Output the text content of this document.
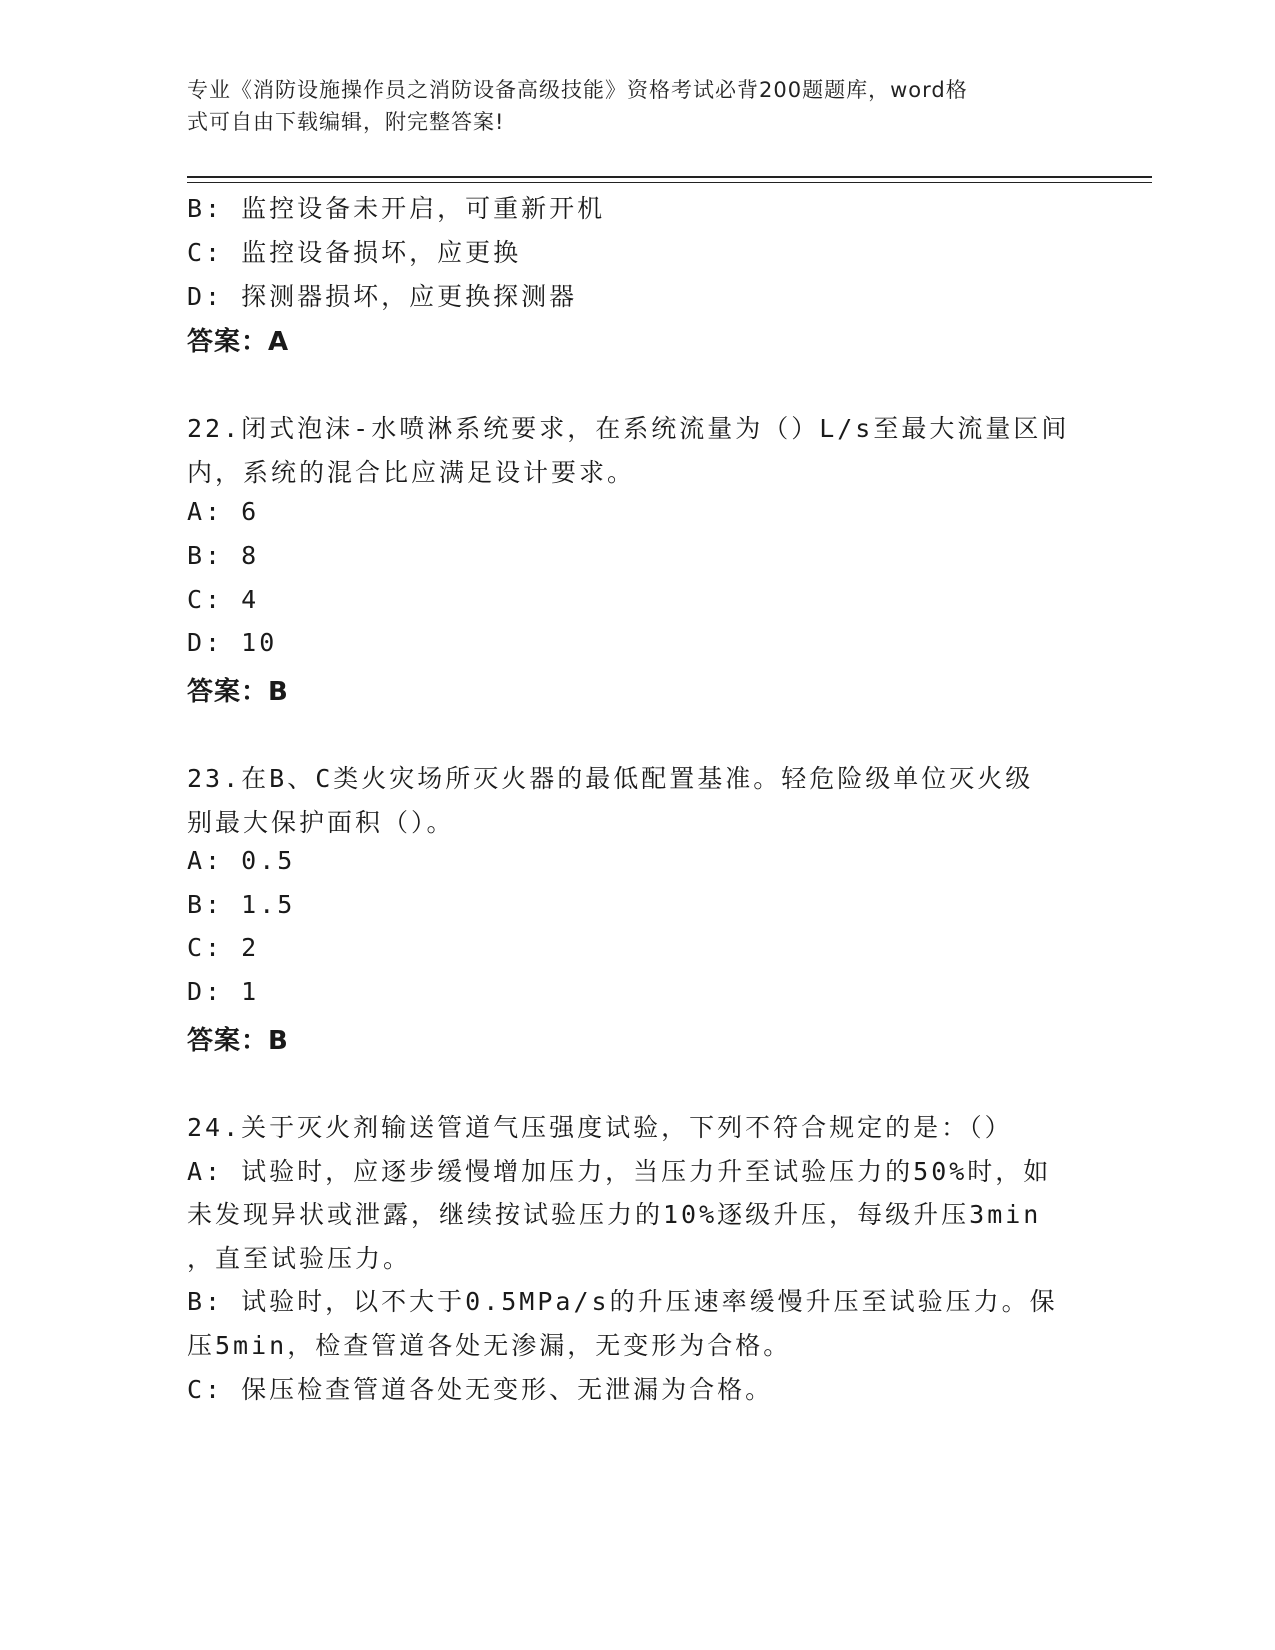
专业《消防设施操作员之消防设备高级技能》资格考试必背200题题库，word格
式可自由下载编辑，附完整答案!
B: 监控设备未开启，可重新开机
C: 监控设备损坏，应更换
D: 探测器损坏，应更换探测器
答案：A
22.闭式泡沫-水喷淋系统要求，在系统流量为（）L/s至最大流量区间
内，系统的混合比应满足设计要求。
A: 6
B: 8
C: 4
D: 10
答案：B
23.在B、C类火灾场所灭火器的最低配置基准。轻危险级单位灭火级
别最大保护面积（）。
A: 0.5
B: 1.5
C: 2
D: 1
答案：B
24.关于灭火剂输送管道气压强度试验，下列不符合规定的是：（）
A: 试验时，应逐步缓慢增加压力，当压力升至试验压力的50%时，如
未发现异状或泄露，继续按试验压力的10%逐级升压，每级升压3min
，直至试验压力。
B: 试验时，以不大于0.5MPa/s的升压速率缓慢升压至试验压力。保
压5min，检查管道各处无渗漏，无变形为合格。
C: 保压检查管道各处无变形、无泄漏为合格。
